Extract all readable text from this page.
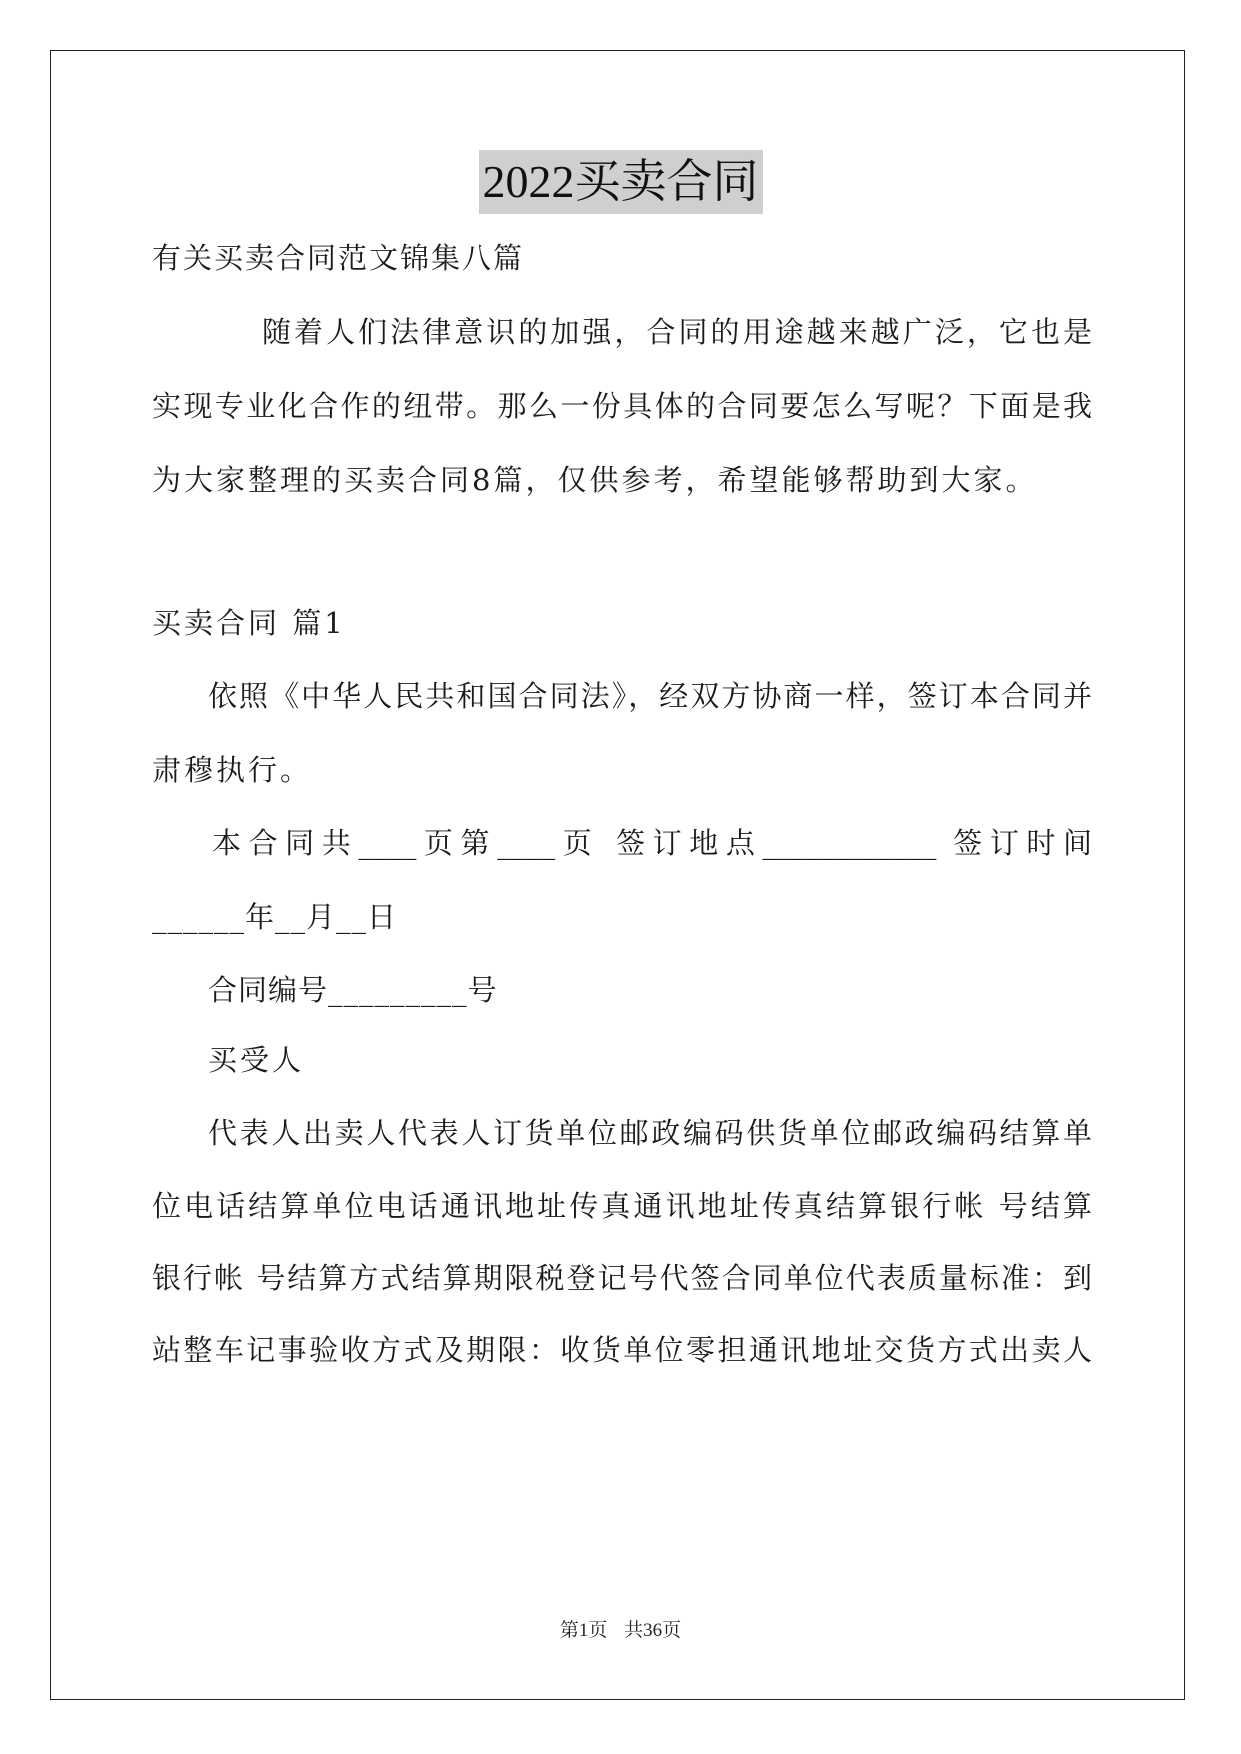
2022买卖合同
有关买卖合同范文锦集八篇
随着人们法律意识的加强，合同的用途越来越广泛，它也是
实现专业化合作的纽带。那么一份具体的合同要怎么写呢？下面是我
为大家整理的买卖合同8篇，仅供参考，希望能够帮助到大家。
买卖合同 篇1
依照《中华人民共和国合同法》，经双方协商一样，签订本合同并
肃穆执行。
本合同共____页第____页 签订地点____________ 签订时间
______年__月__日
合同编号_________号
买受人
代表人出卖人代表人订货单位邮政编码供货单位邮政编码结算单
位电话结算单位电话通讯地址传真通讯地址传真结算银行帐 号结算
银行帐 号结算方式结算期限税登记号代签合同单位代表质量标准：到
站整车记事验收方式及期限：收货单位零担通讯地址交货方式出卖人
第1页 共36页
